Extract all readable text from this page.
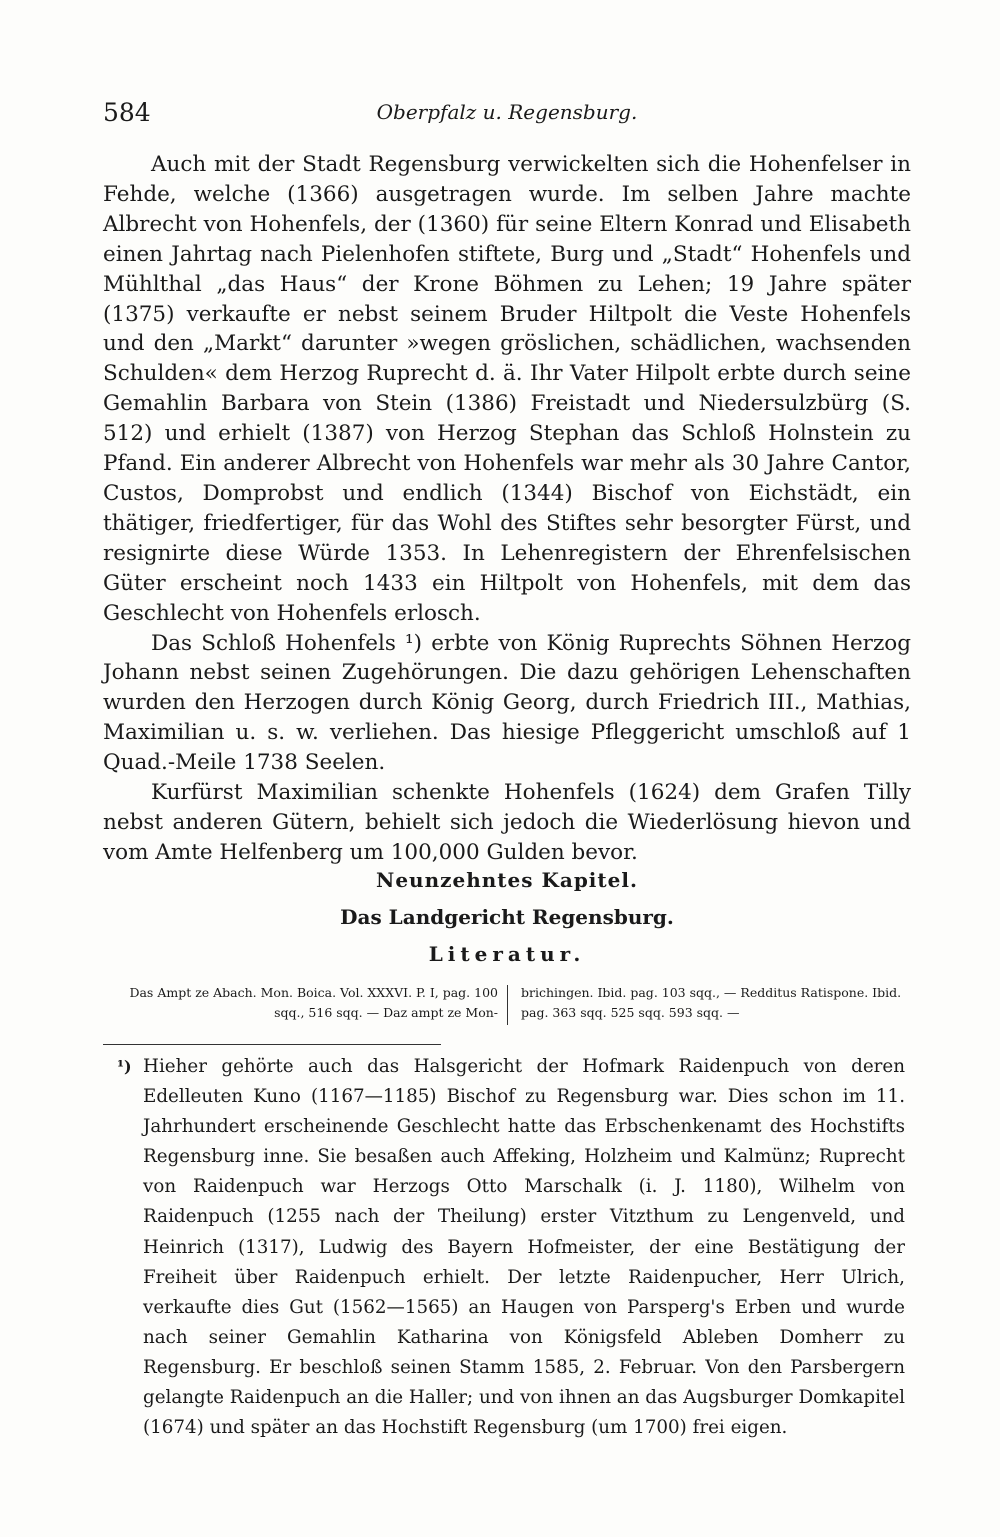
584	Oberpfalz u. Regensburg.

Auch mit der Stadt Regensburg verwickelten sich die Hohenfelser in Fehde, welche (1366) ausgetragen wurde. Im selben Jahre machte Albrecht von Hohenfels, der (1360) für seine Eltern Konrad und Elisabeth einen Jahrtag nach Pielenhofen stiftete, Burg und „Stadt“ Hohenfels und Mühlthal „das Haus“ der Krone Böhmen zu Lehen; 19 Jahre später (1375) verkaufte er nebst seinem Bruder Hiltpolt die Veste Hohenfels und den „Markt“ darunter »wegen gröslichen, schädlichen, wachsenden Schulden« dem Herzog Ruprecht d. ä. Ihr Vater Hilpolt erbte durch seine Gemahlin Barbara von Stein (1386) Freistadt und Niedersulzbürg (S. 512) und erhielt (1387) von Herzog Stephan das Schloß Holnstein zu Pfand. Ein anderer Albrecht von Hohenfels war mehr als 30 Jahre Cantor, Custos, Domprobst und endlich (1344) Bischof von Eichstädt, ein thätiger, friedfertiger, für das Wohl des Stiftes sehr besorgter Fürst, und resignirte diese Würde 1353. In Lehenregistern der Ehrenfelsischen Güter erscheint noch 1433 ein Hiltpolt von Hohenfels, mit dem das Geschlecht von Hohenfels erlosch.

Das Schloß Hohenfels ¹) erbte von König Ruprechts Söhnen Herzog Johann nebst seinen Zugehörungen. Die dazu gehörigen Lehenschaften wurden den Herzogen durch König Georg, durch Friedrich III., Mathias, Maximilian u. s. w. verliehen. Das hiesige Pfleggericht umschloß auf 1 Quad.-Meile 1738 Seelen.

Kurfürst Maximilian schenkte Hohenfels (1624) dem Grafen Tilly nebst anderen Gütern, behielt sich jedoch die Wiederlösung hievon und vom Amte Helfenberg um 100,000 Gulden bevor.

Neunzehntes Kapitel.
Das Landgericht Regensburg.
Literatur.
Das Ampt ze Abach. Mon. Boica. Vol. XXXVI. P. I, pag. 100 sqq., 516 sqq. — Daz ampt ze Mon-
brichingen. Ibid. pag. 103 sqq., — Redditus Ratispone. Ibid. pag. 363 sqq. 525 sqq. 593 sqq. —
¹) Hieher gehörte auch das Halsgericht der Hofmark Raidenpuch von deren Edelleuten Kuno (1167—1185) Bischof zu Regensburg war. Dies schon im 11. Jahrhundert erscheinende Geschlecht hatte das Erbschenkenamt des Hochstifts Regensburg inne. Sie besaßen auch Affeking, Holzheim und Kalmünz; Ruprecht von Raidenpuch war Herzogs Otto Marschalk (i. J. 1180), Wilhelm von Raidenpuch (1255 nach der Theilung) erster Vitzthum zu Lengenveld, und Heinrich (1317), Ludwig des Bayern Hofmeister, der eine Bestätigung der Freiheit über Raidenpuch erhielt. Der letzte Raidenpucher, Herr Ulrich, verkaufte dies Gut (1562—1565) an Haugen von Parsperg's Erben und wurde nach seiner Gemahlin Katharina von Königsfeld Ableben Domherr zu Regensburg. Er beschloß seinen Stamm 1585, 2. Februar. Von den Parsbergern gelangte Raidenpuch an die Haller; und von ihnen an das Augsburger Domkapitel (1674) und später an das Hochstift Regensburg (um 1700) frei eigen.
